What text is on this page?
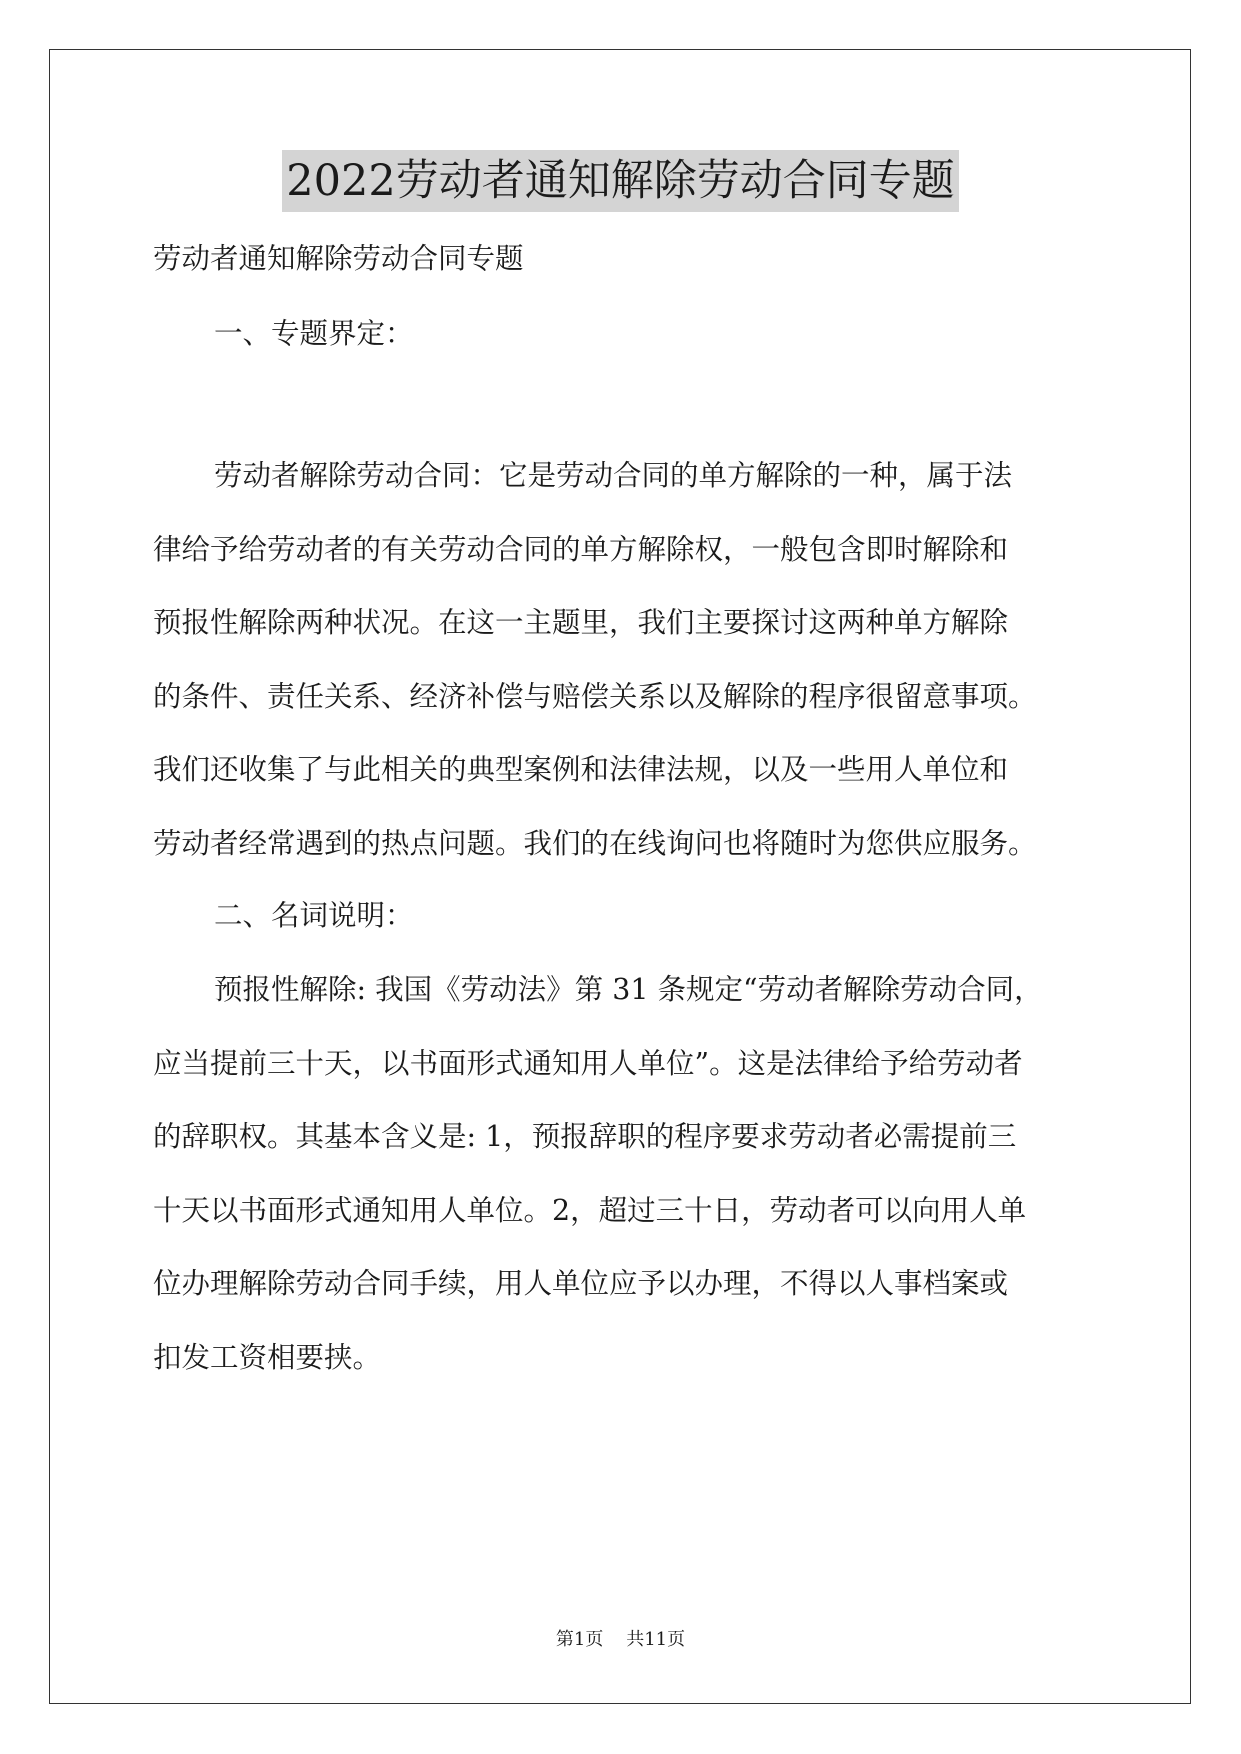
2022劳动者通知解除劳动合同专题
劳动者通知解除劳动合同专题
一、专题界定：
劳动者解除劳动合同：它是劳动合同的单方解除的一种，属于法
律给予给劳动者的有关劳动合同的单方解除权，一般包含即时解除和
预报性解除两种状况。在这一主题里，我们主要探讨这两种单方解除
的条件、责任关系、经济补偿与赔偿关系以及解除的程序很留意事项。
我们还收集了与此相关的典型案例和法律法规，以及一些用人单位和
劳动者经常遇到的热点问题。我们的在线询问也将随时为您供应服务。
二、名词说明：
预报性解除: 我国《劳动法》第 31 条规定“劳动者解除劳动合同，
应当提前三十天，以书面形式通知用人单位”。这是法律给予给劳动者
的辞职权。其基本含义是: 1，预报辞职的程序要求劳动者必需提前三
十天以书面形式通知用人单位。2，超过三十日，劳动者可以向用人单
位办理解除劳动合同手续，用人单位应予以办理，不得以人事档案或
扣发工资相要挟。
第1页 共11页
